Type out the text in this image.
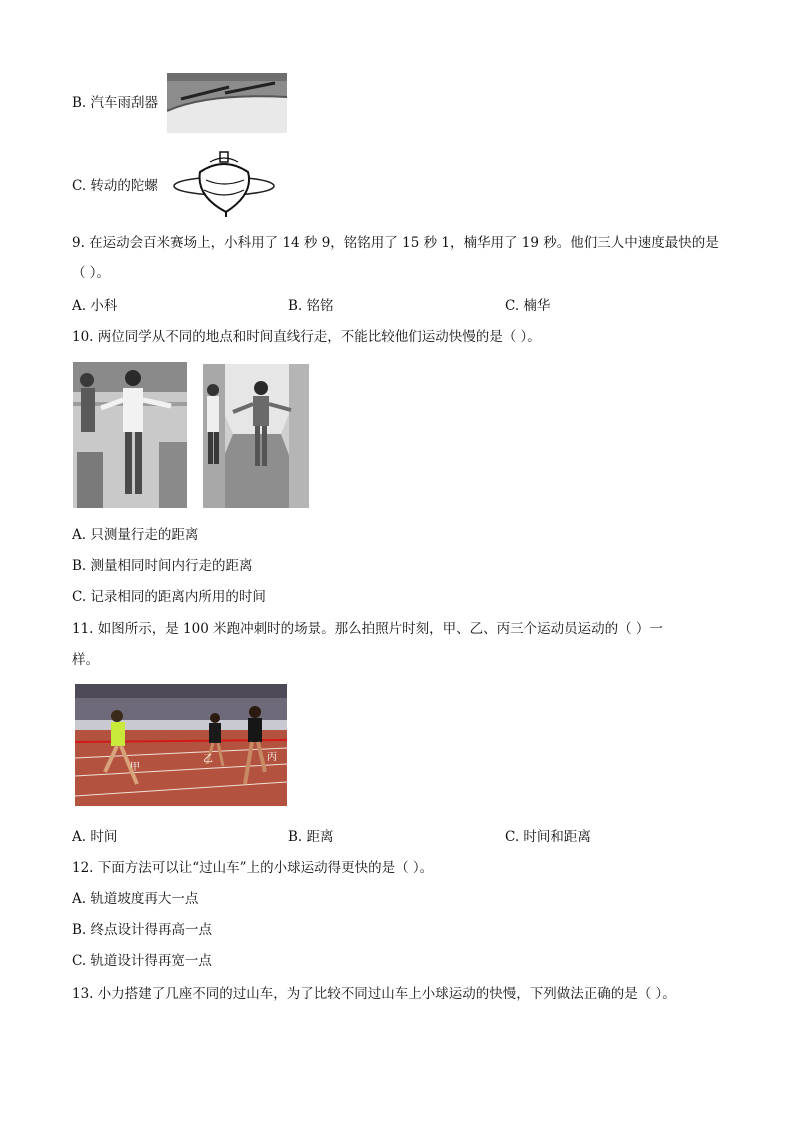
B. 汽车雨刮器
C. 转动的陀螺
9. 在运动会百米赛场上，小科用了 14 秒 9，铭铭用了 15 秒 1，楠华用了 19 秒。他们三人中速度最快的是
（ ）。
A. 小科	B. 铭铭	C. 楠华
10. 两位同学从不同的地点和时间直线行走，不能比较他们运动快慢的是（ ）。
A. 只测量行走的距离
B. 测量相同时间内行走的距离
C. 记录相同的距离内所用的时间
11. 如图所示，是 100 米跑冲刺时的场景。那么拍照片时刻，甲、乙、丙三个运动员运动的（ ）一
样。
甲
乙	丙
A. 时间	B. 距离	C. 时间和距离
12. 下面方法可以让“过山车”上的小球运动得更快的是（ ）。
A. 轨道坡度再大一点
B. 终点设计得再高一点
C. 轨道设计得再宽一点
13. 小力搭建了几座不同的过山车，为了比较不同过山车上小球运动的快慢，下列做法正确的是（ ）。
